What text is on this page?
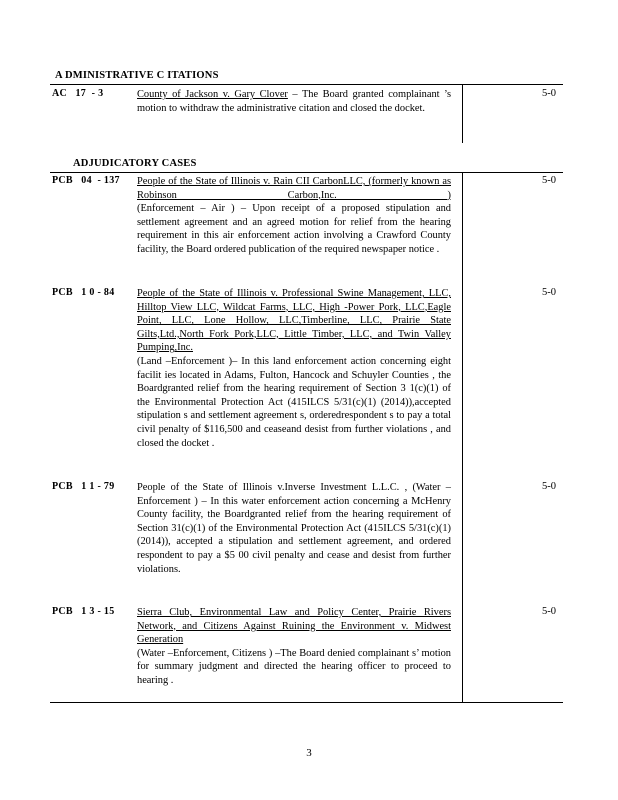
A DMINISTRATIVE C ITATIONS
AC   17  - 3	County of Jackson v. Gary Clover – The Board granted complainant ’s motion to withdraw the administrative citation and closed the docket.
5-0
ADJUDICATORY CASES
PCB   04  - 137	People of the State of Illinois v. Rain CII CarbonLLC, (formerly known as Robinson Carbon,Inc. )
(Enforcement – Air ) – Upon receipt of a proposed stipulation and settlement agreement and an agreed motion for relief from the hearing requirement in this air enforcement action involving a Crawford County facility, the Board ordered publication of the required newspaper notice .
5-0
PCB   1 0 - 84	People of the State of Illinois v. Professional Swine Management, LLC, Hilltop View LLC, Wildcat Farms, LLC, High -Power Pork, LLC,Eagle Point, LLC, Lone Hollow, LLC,Timberline, LLC, Prairie State Gilts,Ltd.,North Fork Pork,LLC, Little Timber, LLC, and Twin Valley Pumping,Inc.
(Land –Enforcement )– In this land enforcement action concerning eight facilit ies located in Adams, Fulton, Hancock and Schuyler Counties , the Boardgranted relief from the hearing requirement of Section 3 1(c)(1) of the Environmental Protection Act (415ILCS 5/31(c)(1) (2014)),accepted stipulation s and settlement agreement s, orderedrespondent s to pay a total civil penalty of $116,500 and ceaseand desist from further violations , and closed the docket .
5-0
PCB   1 1 - 79	People of the State of Illinois v.Inverse Investment L.L.C. , (Water –Enforcement ) – In this water enforcement action concerning a McHenry County facility, the Boardgranted relief from the hearing requirement of Section 31(c)(1) of the Environmental Protection Act (415ILCS 5/31(c)(1) (2014)), accepted a stipulation and settlement agreement, and ordered respondent to pay a $5 00 civil penalty and cease and desist from further violations.
5-0
PCB   1 3 - 15	Sierra Club, Environmental Law and Policy Center, Prairie Rivers Network, and Citizens Against Ruining the Environment v. Midwest Generation
(Water –Enforcement, Citizens ) –The Board denied complainant s’ motion for summary judgment and directed the hearing officer to proceed to hearing .
5-0
3
